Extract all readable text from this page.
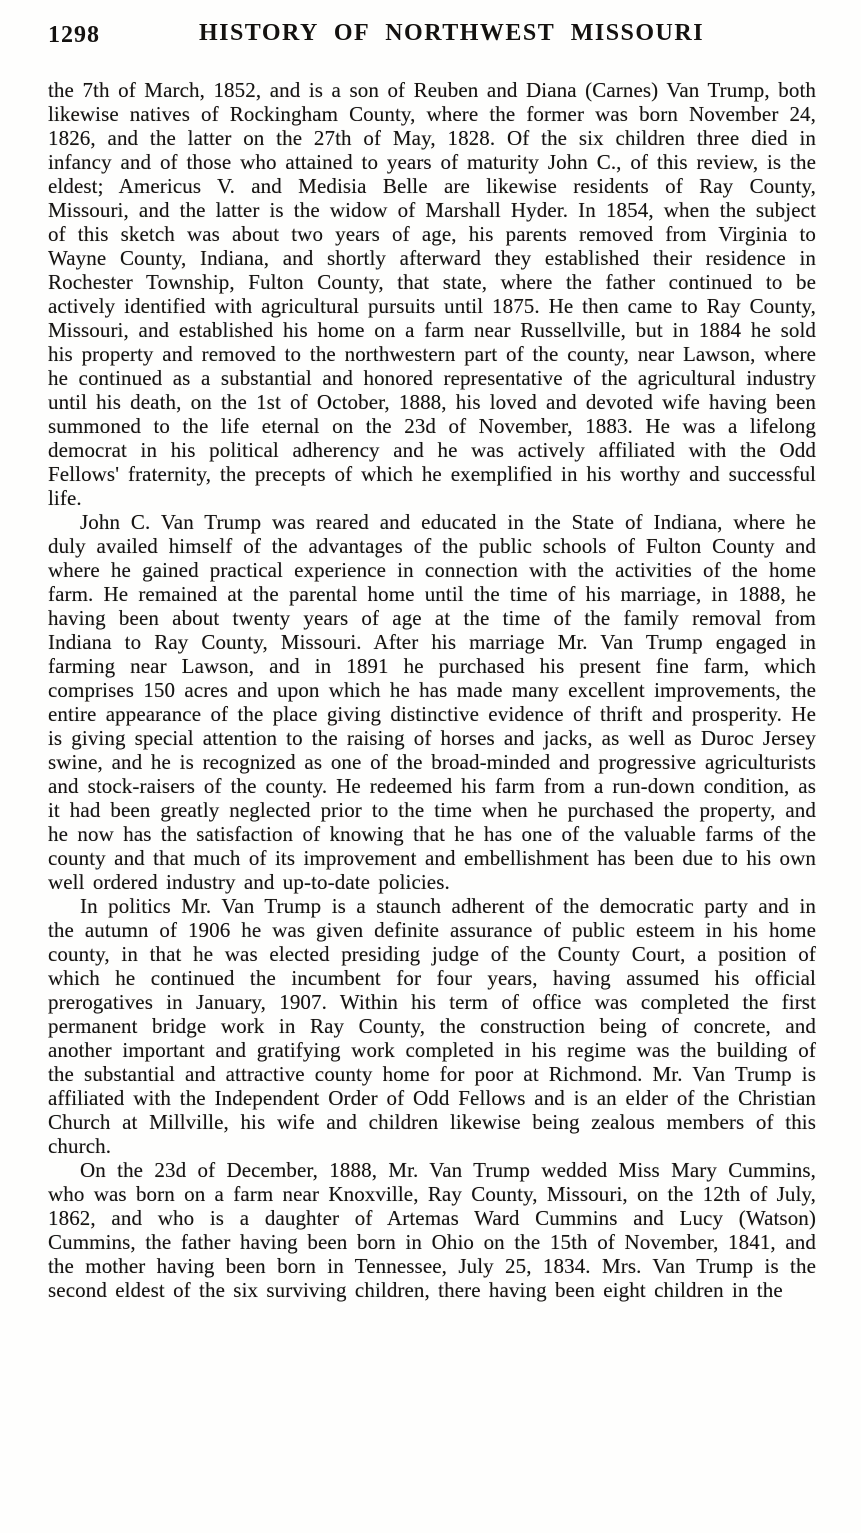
1298	HISTORY OF NORTHWEST MISSOURI

the 7th of March, 1852, and is a son of Reuben and Diana (Carnes) Van Trump, both likewise natives of Rockingham County, where the former was born November 24, 1826, and the latter on the 27th of May, 1828. Of the six children three died in infancy and of those who attained to years of maturity John C., of this review, is the eldest; Americus V. and Medisia Belle are likewise residents of Ray County, Missouri, and the latter is the widow of Marshall Hyder. In 1854, when the subject of this sketch was about two years of age, his parents removed from Virginia to Wayne County, Indiana, and shortly afterward they established their residence in Rochester Township, Fulton County, that state, where the father continued to be actively identified with agricultural pursuits until 1875. He then came to Ray County, Missouri, and established his home on a farm near Russellville, but in 1884 he sold his property and removed to the northwestern part of the county, near Lawson, where he continued as a substantial and honored representative of the agricultural industry until his death, on the 1st of October, 1888, his loved and devoted wife having been summoned to the life eternal on the 23d of November, 1883. He was a lifelong democrat in his political adherency and he was actively affiliated with the Odd Fellows' fraternity, the precepts of which he exemplified in his worthy and successful life.

John C. Van Trump was reared and educated in the State of Indiana, where he duly availed himself of the advantages of the public schools of Fulton County and where he gained practical experience in connection with the activities of the home farm. He remained at the parental home until the time of his marriage, in 1888, he having been about twenty years of age at the time of the family removal from Indiana to Ray County, Missouri. After his marriage Mr. Van Trump engaged in farming near Lawson, and in 1891 he purchased his present fine farm, which comprises 150 acres and upon which he has made many excellent improvements, the entire appearance of the place giving distinctive evidence of thrift and prosperity. He is giving special attention to the raising of horses and jacks, as well as Duroc Jersey swine, and he is recognized as one of the broad-minded and progressive agriculturists and stock-raisers of the county. He redeemed his farm from a run-down condition, as it had been greatly neglected prior to the time when he purchased the property, and he now has the satisfaction of knowing that he has one of the valuable farms of the county and that much of its improvement and embellishment has been due to his own well ordered industry and up-to-date policies.

In politics Mr. Van Trump is a staunch adherent of the democratic party and in the autumn of 1906 he was given definite assurance of public esteem in his home county, in that he was elected presiding judge of the County Court, a position of which he continued the incumbent for four years, having assumed his official prerogatives in January, 1907. Within his term of office was completed the first permanent bridge work in Ray County, the construction being of concrete, and another important and gratifying work completed in his regime was the building of the substantial and attractive county home for poor at Richmond. Mr. Van Trump is affiliated with the Independent Order of Odd Fellows and is an elder of the Christian Church at Millville, his wife and children likewise being zealous members of this church.

On the 23d of December, 1888, Mr. Van Trump wedded Miss Mary Cummins, who was born on a farm near Knoxville, Ray County, Missouri, on the 12th of July, 1862, and who is a daughter of Artemas Ward Cummins and Lucy (Watson) Cummins, the father having been born in Ohio on the 15th of November, 1841, and the mother having been born in Tennessee, July 25, 1834. Mrs. Van Trump is the second eldest of the six surviving children, there having been eight children in the
